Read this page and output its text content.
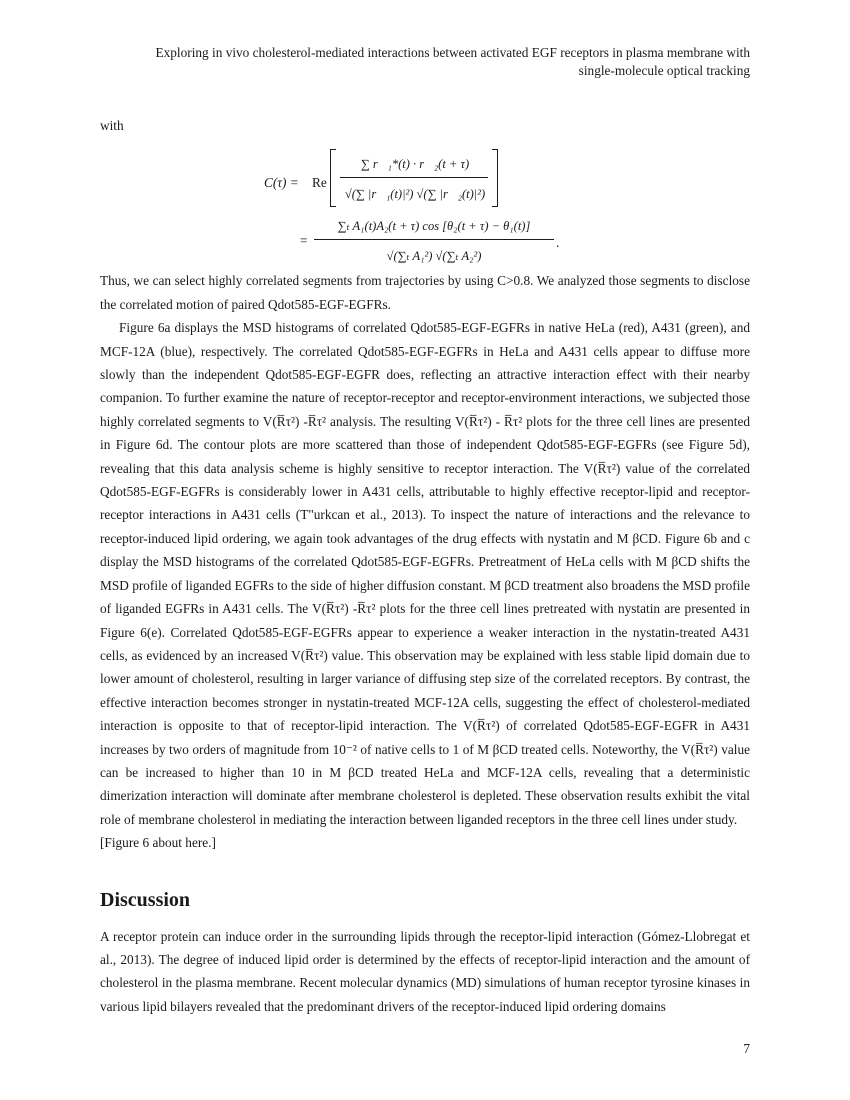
Exploring in vivo cholesterol-mediated interactions between activated EGF receptors in plasma membrane with
single-molecule optical tracking

with

C(τ) = Re
∑ r⃗₁*(t) · r⃗₂(t + τ)
√(∑ |r⃗₁(t)|²) √(∑ |r⃗₂(t)|²)
=
∑ₜ A₁(t)A₂(t + τ) cos [θ₂(t + τ) − θ₁(t)]
√(∑ₜ A₁²) √(∑ₜ A₂²)
.

Thus, we can select highly correlated segments from trajectories by using C>0.8. We analyzed those segments to disclose the correlated motion of paired Qdot585-EGF-EGFRs.

Figure 6a displays the MSD histograms of correlated Qdot585-EGF-EGFRs in native HeLa (red), A431 (green), and MCF-12A (blue), respectively. The correlated Qdot585-EGF-EGFRs in HeLa and A431 cells appear to diffuse more slowly than the independent Qdot585-EGF-EGFR does, reflecting an attractive interaction effect with their nearby companion. To further examine the nature of receptor-receptor and receptor-environment interactions, we subjected those highly correlated segments to V(R̅τ²) -R̅τ² analysis. The resulting V(R̅τ²) - R̅τ² plots for the three cell lines are presented in Figure 6d. The contour plots are more scattered than those of independent Qdot585-EGF-EGFRs (see Figure 5d), revealing that this data analysis scheme is highly sensitive to receptor interaction. The V(R̅τ²) value of the correlated Qdot585-EGF-EGFRs is considerably lower in A431 cells, attributable to highly effective receptor-lipid and receptor-receptor interactions in A431 cells (T"urkcan et al., 2013). To inspect the nature of interactions and the relevance to receptor-induced lipid ordering, we again took advantages of the drug effects with nystatin and M βCD. Figure 6b and c display the MSD histograms of the correlated Qdot585-EGF-EGFRs. Pretreatment of HeLa cells with M βCD shifts the MSD profile of liganded EGFRs to the side of higher diffusion constant. M βCD treatment also broadens the MSD profile of liganded EGFRs in A431 cells. The V(R̅τ²) -R̅τ² plots for the three cell lines pretreated with nystatin are presented in Figure 6(e). Correlated Qdot585-EGF-EGFRs appear to experience a weaker interaction in the nystatin-treated A431 cells, as evidenced by an increased V(R̅τ²) value. This observation may be explained with less stable lipid domain due to lower amount of cholesterol, resulting in larger variance of diffusing step size of the correlated receptors. By contrast, the effective interaction becomes stronger in nystatin-treated MCF-12A cells, suggesting the effect of cholesterol-mediated interaction is opposite to that of receptor-lipid interaction. The V(R̅τ²) of correlated Qdot585-EGF-EGFR in A431 increases by two orders of magnitude from 10⁻² of native cells to 1 of M βCD treated cells. Noteworthy, the V(R̅τ²) value can be increased to higher than 10 in M βCD treated HeLa and MCF-12A cells, revealing that a deterministic dimerization interaction will dominate after membrane cholesterol is depleted. These observation results exhibit the vital role of membrane cholesterol in mediating the interaction between liganded receptors in the three cell lines under study.

[Figure 6 about here.]

Discussion

A receptor protein can induce order in the surrounding lipids through the receptor-lipid interaction (Gómez-Llobregat et al., 2013). The degree of induced lipid order is determined by the effects of receptor-lipid interaction and the amount of cholesterol in the plasma membrane. Recent molecular dynamics (MD) simulations of human receptor tyrosine kinases in various lipid bilayers revealed that the predominant drivers of the receptor-induced lipid ordering domains

7
